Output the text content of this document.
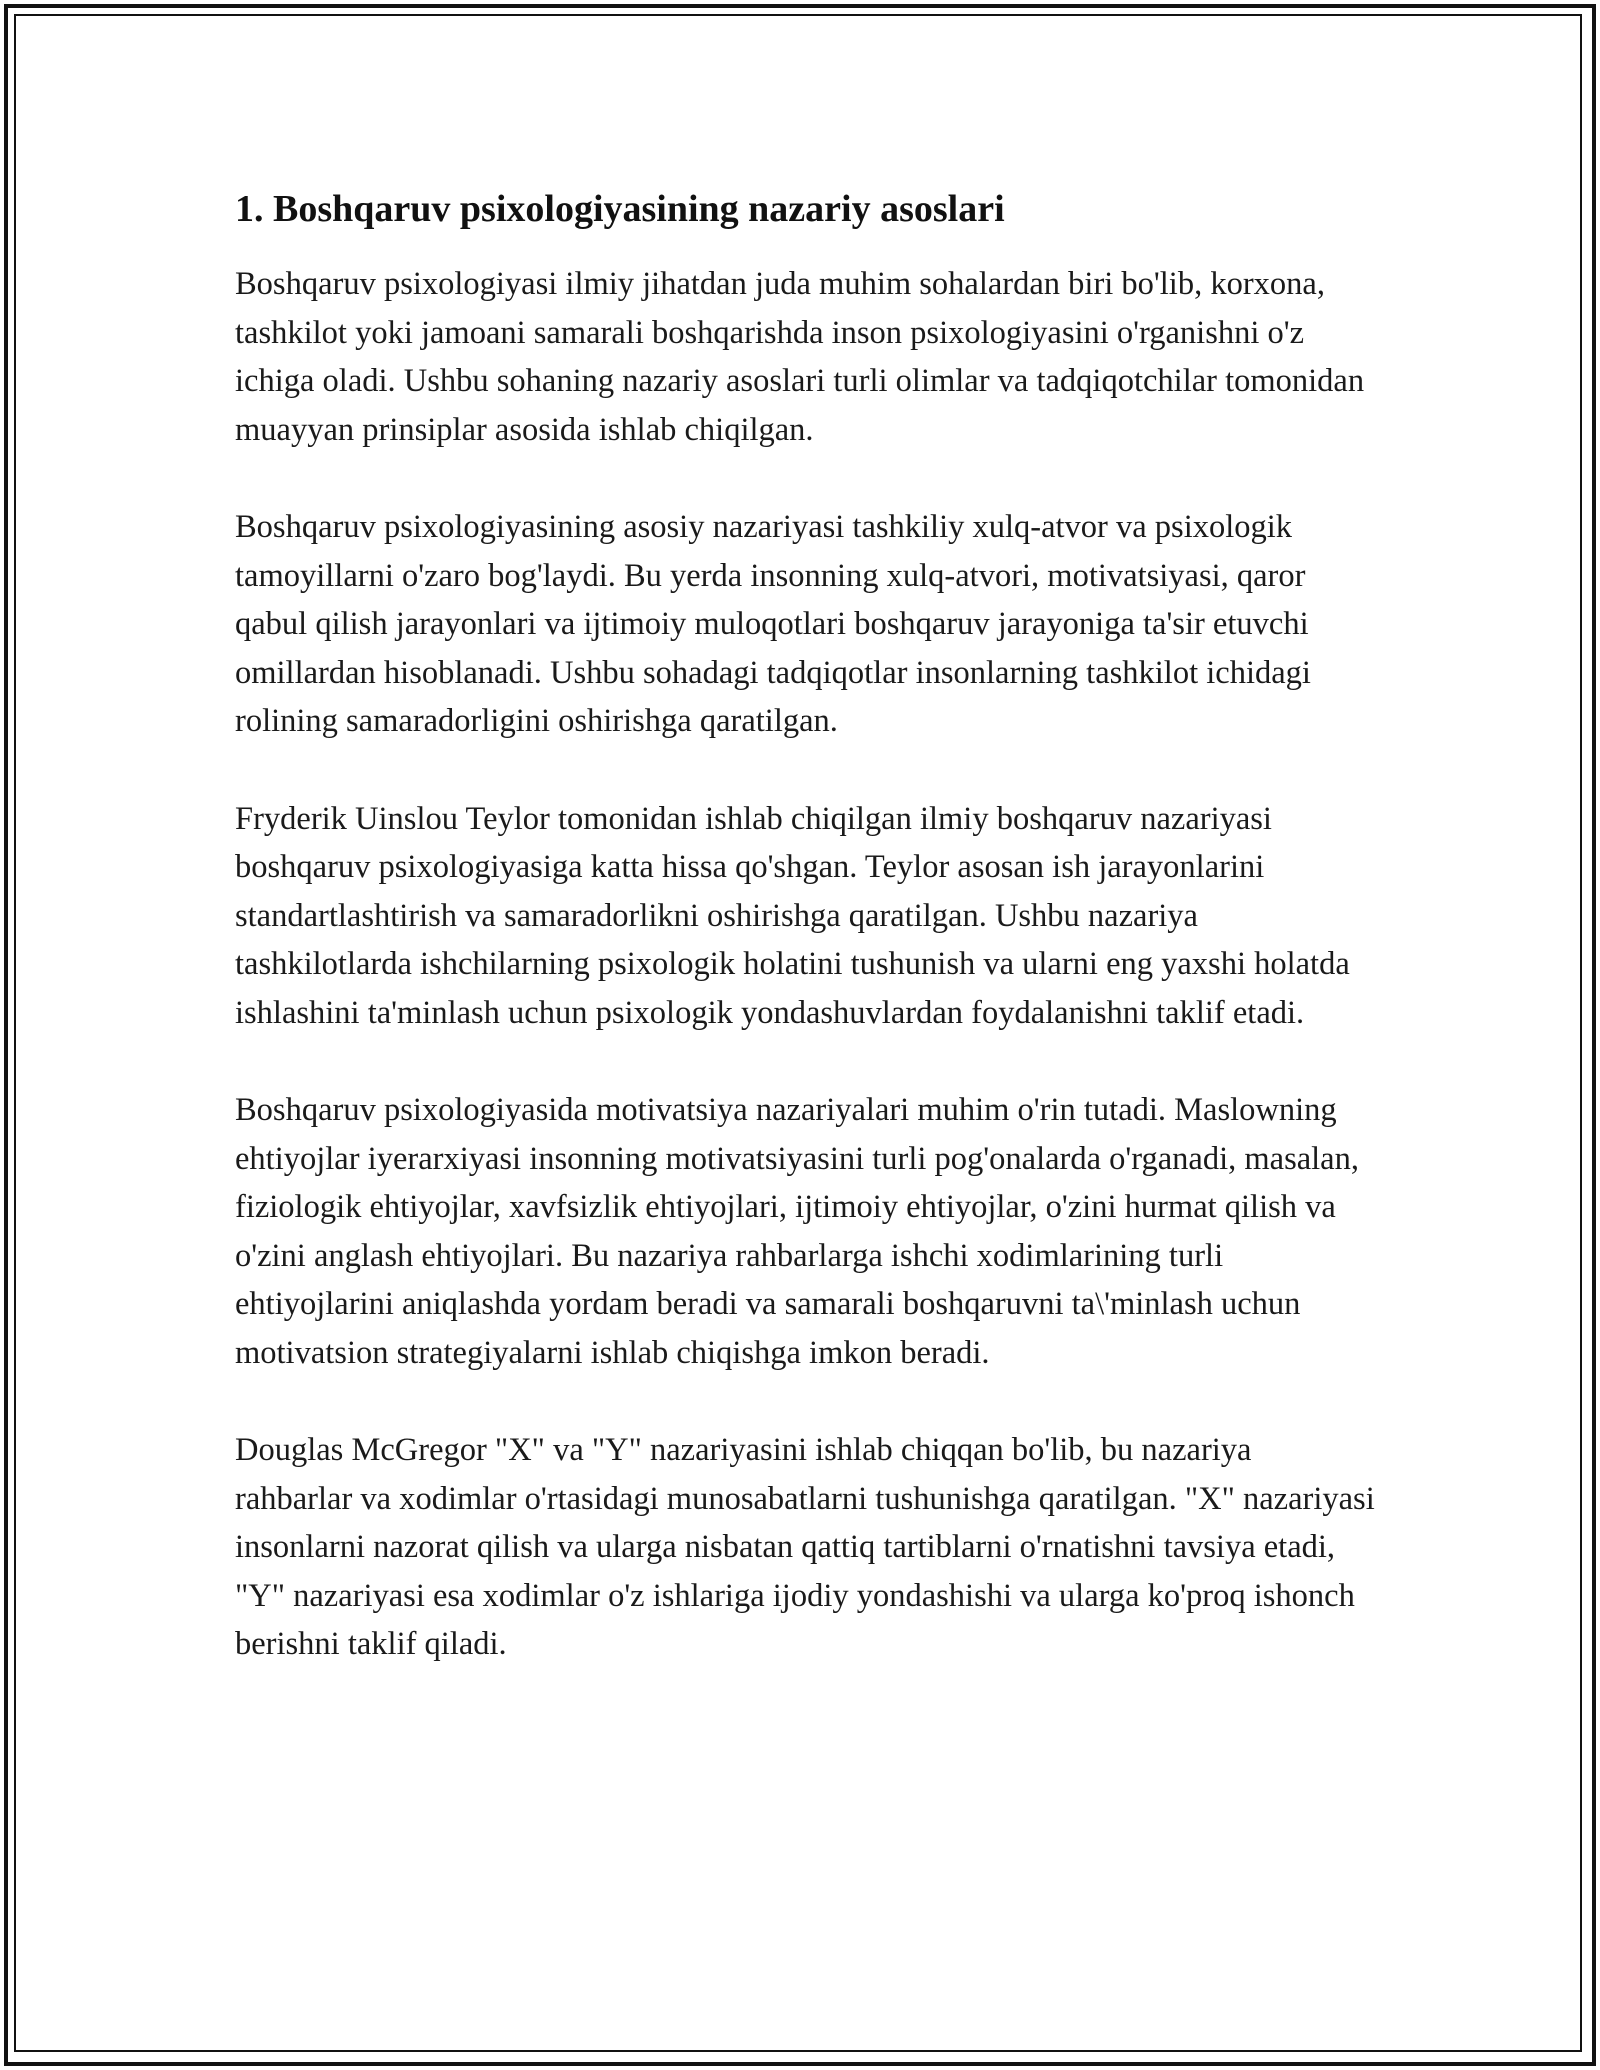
1. Boshqaruv psixologiyasining nazariy asoslari

Boshqaruv psixologiyasi ilmiy jihatdan juda muhim sohalardan biri bo'lib, korxona, tashkilot yoki jamoani samarali boshqarishda inson psixologiyasini o'rganishni o'z ichiga oladi. Ushbu sohaning nazariy asoslari turli olimlar va tadqiqotchilar tomonidan muayyan prinsiplar asosida ishlab chiqilgan.

Boshqaruv psixologiyasining asosiy nazariyasi tashkiliy xulq-atvor va psixologik tamoyillarni o'zaro bog'laydi. Bu yerda insonning xulq-atvori, motivatsiyasi, qaror qabul qilish jarayonlari va ijtimoiy muloqotlari boshqaruv jarayoniga ta'sir etuvchi omillardan hisoblanadi. Ushbu sohadagi tadqiqotlar insonlarning tashkilot ichidagi rolining samaradorligini oshirishga qaratilgan.

Fryderik Uinslou Teylor tomonidan ishlab chiqilgan ilmiy boshqaruv nazariyasi boshqaruv psixologiyasiga katta hissa qo'shgan. Teylor asosan ish jarayonlarini standartlashtirish va samaradorlikni oshirishga qaratilgan. Ushbu nazariya tashkilotlarda ishchilarning psixologik holatini tushunish va ularni eng yaxshi holatda ishlashini ta'minlash uchun psixologik yondashuvlardan foydalanishni taklif etadi.

Boshqaruv psixologiyasida motivatsiya nazariyalari muhim o'rin tutadi. Maslowning ehtiyojlar iyerarxiyasi insonning motivatsiyasini turli pog'onalarda o'rganadi, masalan, fiziologik ehtiyojlar, xavfsizlik ehtiyojlari, ijtimoiy ehtiyojlar, o'zini hurmat qilish va o'zini anglash ehtiyojlari. Bu nazariya rahbarlarga ishchi xodimlarining turli ehtiyojlarini aniqlashda yordam beradi va samarali boshqaruvni ta\'minlash uchun motivatsion strategiyalarni ishlab chiqishga imkon beradi.

Douglas McGregor "X" va "Y" nazariyasini ishlab chiqqan bo'lib, bu nazariya rahbarlar va xodimlar o'rtasidagi munosabatlarni tushunishga qaratilgan. "X" nazariyasi insonlarni nazorat qilish va ularga nisbatan qattiq tartiblarni o'rnatishni tavsiya etadi, "Y" nazariyasi esa xodimlar o'z ishlariga ijodiy yondashishi va ularga ko'proq ishonch berishni taklif qiladi.
